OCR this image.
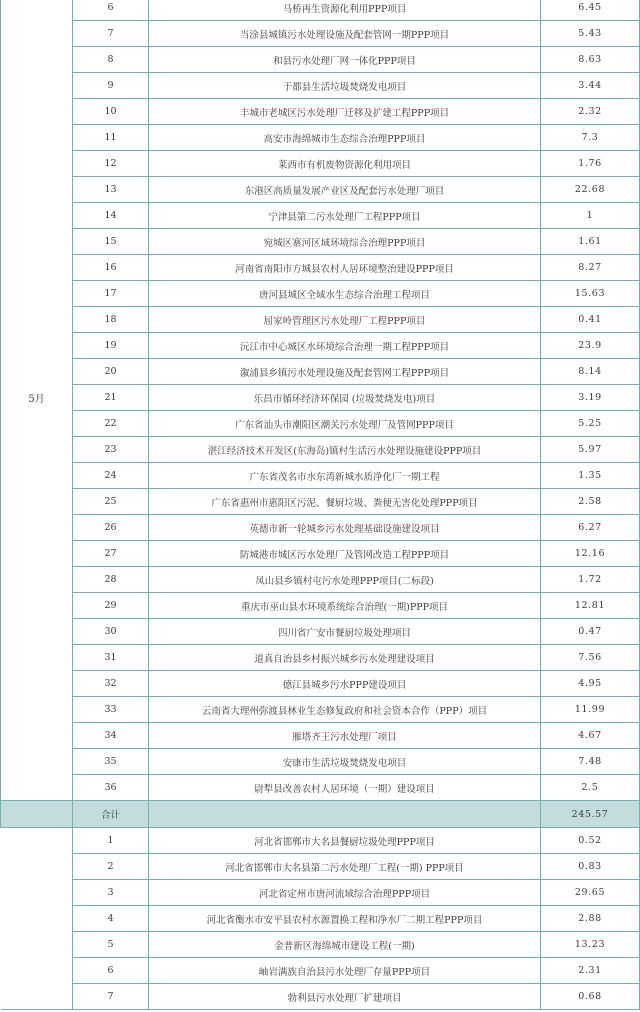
5月	6	马桥再生资源化利用PPP项目	6.45
	7	当涂县城镇污水处理设施及配套管网一期PPP项目	5.43
	8	和县污水处理厂网一体化PPP项目	8.63
	9	于都县生活垃圾焚烧发电项目	3.44
	10	丰城市老城区污水处理厂迁移及扩建工程PPP项目	2.32
	11	高安市海绵城市生态综合治理PPP项目	7.3
	12	莱西市有机废物资源化利用项目	1.76
	13	东港区高质量发展产业区及配套污水处理厂项目	22.68
	14	宁津县第二污水处理厂工程PPP项目	1
	15	宛城区寨河区域环境综合治理PPP项目	1.61
	16	河南省南阳市方城县农村人居环境整治建设PPP项目	8.27
	17	唐河县城区全域水生态综合治理工程项目	15.63
	18	屈家岭管理区污水处理厂工程PPP项目	0.41
	19	沅江市中心城区水环境综合治理一期工程PPP项目	23.9
	20	溆浦县乡镇污水处理设施及配套管网工程PPP项目	8.14
	21	乐昌市循环经济环保园 (垃圾焚烧发电)项目	3.19
	22	广东省汕头市潮阳区潮关污水处理厂及管网PPP项目	5.25
	23	湛江经济技术开发区(东海岛)镇村生活污水处理设施建设PPP项目	5.97
	24	广东省茂名市水东湾新城水质净化厂一期工程	1.35
	25	广东省惠州市惠阳区污泥、餐厨垃圾、粪便无害化处理PPP项目	2.58
	26	英德市新一轮城乡污水处理基础设施建设项目	6.27
	27	防城港市城区污水处理厂及管网改造工程PPP项目	12.16
	28	凤山县乡镇村屯污水处理PPP项目(二标段)	1.72
	29	重庆市巫山县水环境系统综合治理(一期)PPP项目	12.81
	30	四川省广安市餐厨垃圾处理项目	0.47
	31	道真自治县乡村振兴城乡污水处理建设项目	7.56
	32	德江县城乡污水PPP建设项目	4.95
	33	云南省大理州弥渡县林业生态修复政府和社会资本合作（PPP）项目	11.99
	34	雁塔齐王污水处理厂项目	4.67
	35	安康市生活垃圾焚烧发电项目	7.48
	36	尉犁县改善农村人居环境（一期）建设项目	2.5
	合计		245.57
	1	河北省邯郸市大名县餐厨垃圾处理PPP项目	0.52
	2	河北省邯郸市大名县第二污水处理厂工程(一期) PPP项目	0.83
	3	河北省定州市唐河流域综合治理PPP项目	29.65
	4	河北省衡水市安平县农村水源置换工程和净水厂二期工程PPP项目	2.88
	5	金普新区海绵城市建设工程(一期)	13.23
	6	岫岩满族自治县污水处理厂存量PPP项目	2.31
	7	勃利县污水处理厂扩建项目	0.68
